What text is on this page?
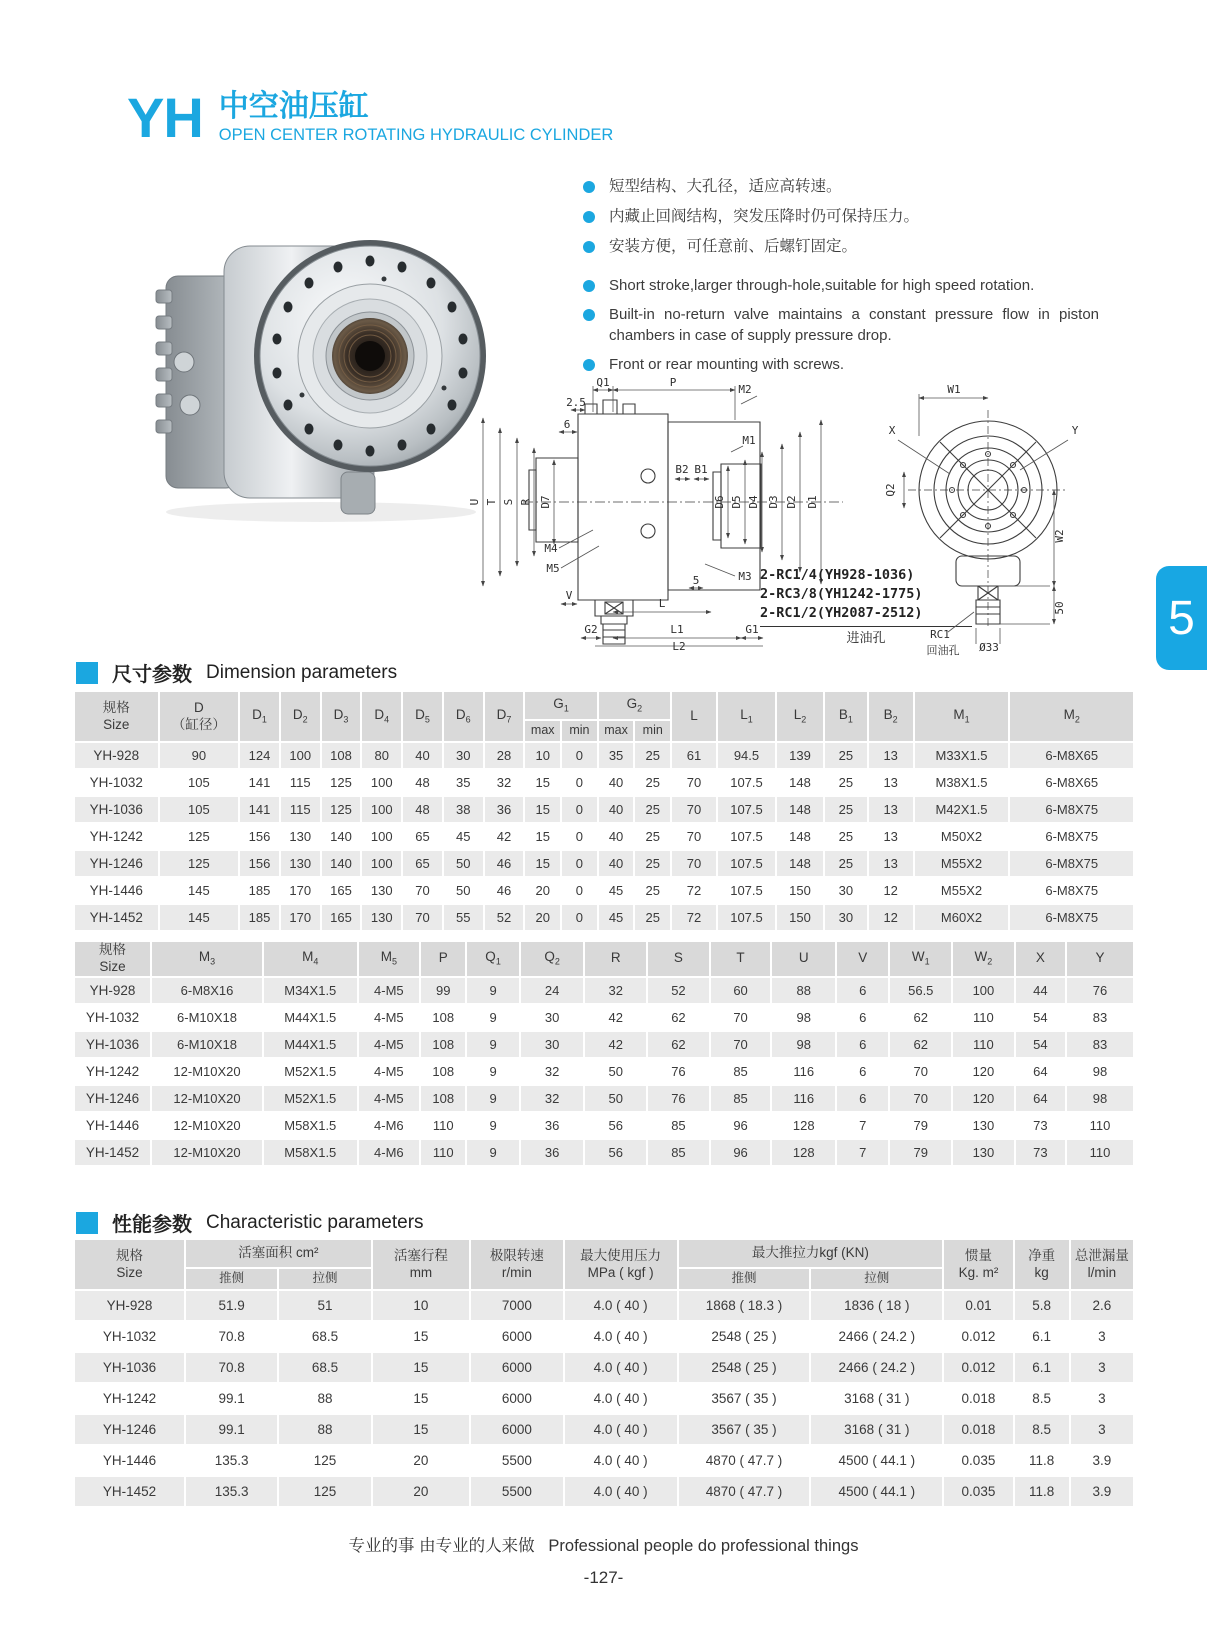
YH 中空油压缸
OPEN CENTER ROTATING HYDRAULIC CYLINDER
短型结构、大孔径，适应高转速。
内藏止回阀结构，突发压降时仍可保持压力。
安装方便，可任意前、后螺钉固定。
Short stroke,larger through-hole,suitable for high speed rotation.
Built-in no-return valve maintains a constant pressure flow in piston chambers in case of supply pressure drop.
Front or rear mounting with screws.
Q1	P
M2
2.5
6
U T S R D7
B2 B1
M1
D6 D5 D4 D3 D2 D1
M4
M5
M3
5
V
L
G2	L1	G1
L2
2-RC1/4(YH928-1036)
2-RC3/8(YH1242-1775)
2-RC1/2(YH2087-2512)
进油孔
W1
X	Y
Q2
W2
50
RC1
Ø33
回油孔
5
尺寸参数 Dimension parameters
规格
Size

D
（缸径）

$D_1$	$D_2$	$D_3$	$D_4$	$D_5$	$D_6$	$D_7$

$G_1$	$G_2$	L	$L_1$	$L_2$	$B_1$	$B_2$	$M_1$	$M_2$

									max	min	max	min							

YH-928	90	124	100	108	80	40	30	28	10	0	35	25	61	94.5	139	25	13	M33X1.5	6-M8X65
YH-1032	105	141	115	125	100	48	35	32	15	0	40	25	70	107.5	148	25	13	M38X1.5	6-M8X65
YH-1036	105	141	115	125	100	48	38	36	15	0	40	25	70	107.5	148	25	13	M42X1.5	6-M8X75
YH-1242	125	156	130	140	100	65	45	42	15	0	40	25	70	107.5	148	25	13	M50X2	6-M8X75
YH-1246	125	156	130	140	100	65	50	46	15	0	40	25	70	107.5	148	25	13	M55X2	6-M8X75
YH-1446	145	185	170	165	130	70	50	46	20	0	45	25	72	107.5	150	30	12	M55X2	6-M8X75
YH-1452	145	185	170	165	130	70	55	52	20	0	45	25	72	107.5	150	30	12	M60X2	6-M8X75
规格
Size	$M_3$	$M_4$	$M_5$	P	$Q_1$	$Q_2$	R	S	T	U	V	$W_1$	$W_2$	X	Y

YH-928	6-M8X16	M34X1.5	4-M5	99	9	24	32	52	60	88	6	56.5	100	44	76
YH-1032	6-M10X18	M44X1.5	4-M5	108	9	30	42	62	70	98	6	62	110	54	83
YH-1036	6-M10X18	M44X1.5	4-M5	108	9	30	42	62	70	98	6	62	110	54	83
YH-1242	12-M10X20	M52X1.5	4-M5	108	9	32	50	76	85	116	6	70	120	64	98
YH-1246	12-M10X20	M52X1.5	4-M5	108	9	32	50	76	85	116	6	70	120	64	98
YH-1446	12-M10X20	M58X1.5	4-M6	110	9	36	56	85	96	128	7	79	130	73	110
YH-1452	12-M10X20	M58X1.5	4-M6	110	9	36	56	85	96	128	7	79	130	73	110
性能参数 Characteristic parameters
规格
Size

活塞面积 cm²	活塞行程
mm

极限转速
r/min

最大使用压力
MPa ( kgf )

最大推拉力kgf (KN)	惯量
Kg. m²

净重
kg

总泄漏量
l/min

	推侧	拉侧				推侧	拉侧			

YH-928	51.9	51	10	7000	4.0 ( 40 )	1868 ( 18.3 )	1836 ( 18 )	0.01	5.8	2.6
YH-1032	70.8	68.5	15	6000	4.0 ( 40 )	2548 ( 25 )	2466 ( 24.2 )	0.012	6.1	3
YH-1036	70.8	68.5	15	6000	4.0 ( 40 )	2548 ( 25 )	2466 ( 24.2 )	0.012	6.1	3
YH-1242	99.1	88	15	6000	4.0 ( 40 )	3567 ( 35 )	3168 ( 31 )	0.018	8.5	3
YH-1246	99.1	88	15	6000	4.0 ( 40 )	3567 ( 35 )	3168 ( 31 )	0.018	8.5	3
YH-1446	135.3	125	20	5500	4.0 ( 40 )	4870 ( 47.7 )	4500 ( 44.1 )	0.035	11.8	3.9
YH-1452	135.3	125	20	5500	4.0 ( 40 )	4870 ( 47.7 )	4500 ( 44.1 )	0.035	11.8	3.9
专业的事 由专业的人来做 Professional people do professional things
-127-
